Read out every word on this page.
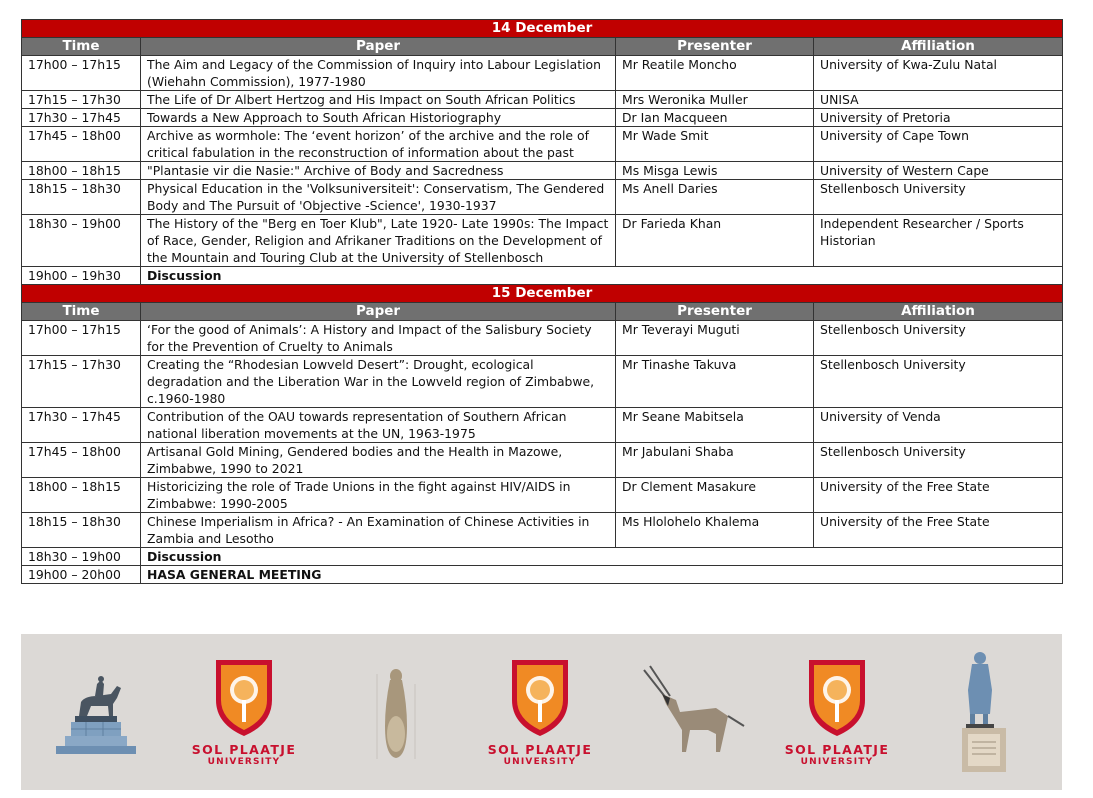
14 December			
Time	Paper	Presenter	Affiliation
17h00 – 17h15	The Aim and Legacy of the Commission of Inquiry into Labour Legislation (Wiehahn Commission), 1977-1980	Mr Reatile Moncho	University of Kwa-Zulu Natal
17h15 – 17h30	The Life of Dr Albert Hertzog and His Impact on South African Politics	Mrs Weronika Muller	UNISA
17h30 – 17h45	Towards a New Approach to South African Historiography	Dr Ian Macqueen	University of Pretoria
17h45 – 18h00	Archive as wormhole: The ‘event horizon’ of the archive and the role of critical fabulation in the reconstruction of information about the past	Mr Wade Smit	University of Cape Town
18h00 – 18h15	"Plantasie vir die Nasie:" Archive of Body and Sacredness	Ms Misga Lewis	University of Western Cape
18h15 – 18h30	Physical Education in the 'Volksuniversiteit': Conservatism, The Gendered Body and The Pursuit of 'Objective -Science', 1930-1937	Ms Anell Daries	Stellenbosch University
18h30 – 19h00	The History of the "Berg en Toer Klub", Late 1920- Late 1990s: The Impact of Race, Gender, Religion and Afrikaner Traditions on the Development of the Mountain and Touring Club at the University of Stellenbosch	Dr Farieda Khan	Independent Researcher / Sports Historian
19h00 – 19h30	Discussion		
15 December			
Time	Paper	Presenter	Affiliation
17h00 – 17h15	‘For the good of Animals’: A History and Impact of the Salisbury Society for the Prevention of Cruelty to Animals	Mr Teverayi Muguti	Stellenbosch University
17h15 – 17h30	Creating the “Rhodesian Lowveld Desert”: Drought, ecological degradation and the Liberation War in the Lowveld region of Zimbabwe, c.1960-1980	Mr Tinashe Takuva	Stellenbosch University
17h30 – 17h45	Contribution of the OAU towards representation of Southern African national liberation movements at the UN, 1963-1975	Mr Seane Mabitsela	University of Venda
17h45 – 18h00	Artisanal Gold Mining, Gendered bodies and the Health in Mazowe, Zimbabwe, 1990 to 2021	Mr Jabulani Shaba	Stellenbosch University
18h00 – 18h15	Historicizing the role of Trade Unions in the fight against HIV/AIDS in Zimbabwe: 1990-2005	Dr Clement Masakure	University of the Free State
18h15 – 18h30	Chinese Imperialism in Africa? - An Examination of Chinese Activities in Zambia and Lesotho	Ms Hlolohelo Khalema	University of the Free State
18h30 – 19h00	Discussion		
19h00 – 20h00	HASA GENERAL MEETING		
SOL PLAATJE
UNIVERSITY
SOL PLAATJE
UNIVERSITY
SOL PLAATJE
UNIVERSITY
